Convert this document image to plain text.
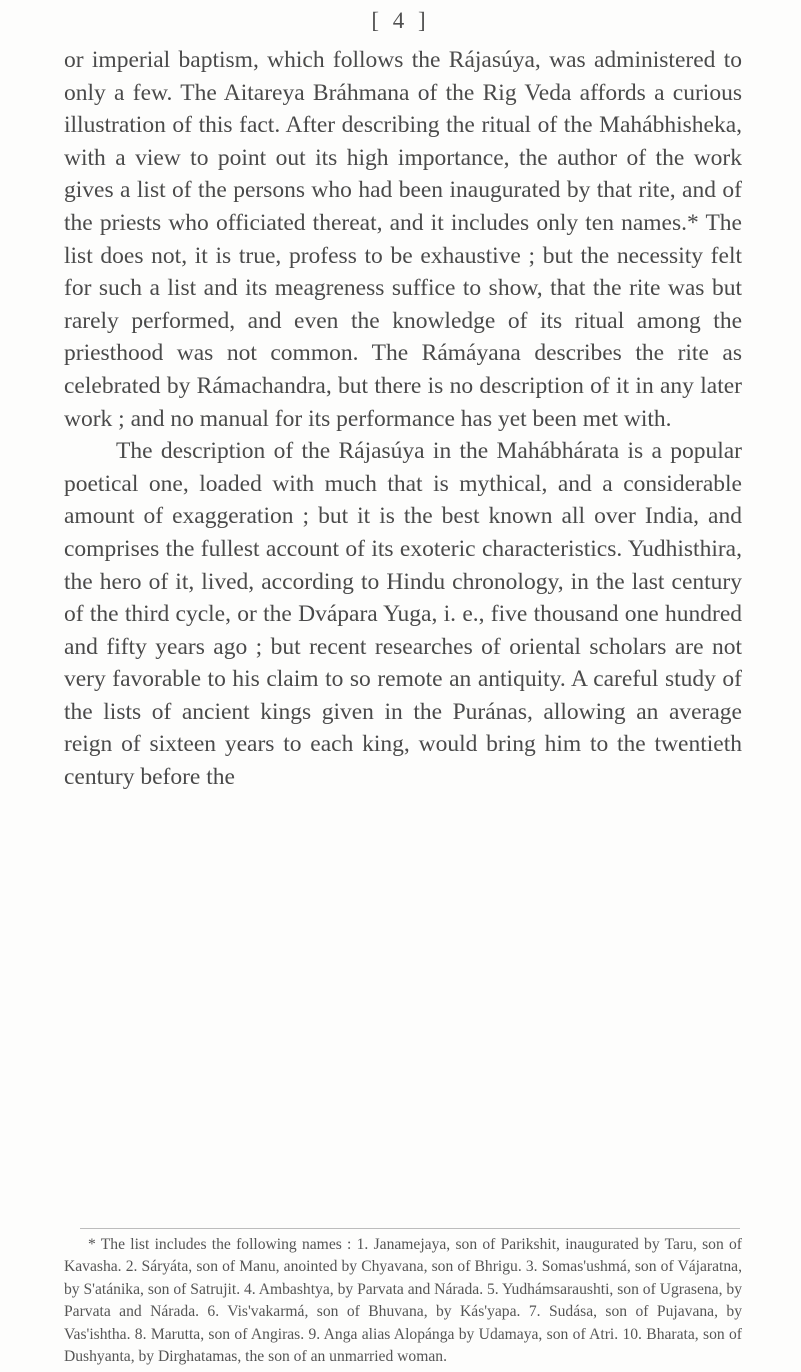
[ 4 ]

or imperial baptism, which follows the Rájasúya, was administered to only a few. The Aitareya Bráhmana of the Rig Veda affords a curious illustration of this fact. After describing the ritual of the Mahábhisheka, with a view to point out its high importance, the author of the work gives a list of the persons who had been inaugurated by that rite, and of the priests who officiated thereat, and it includes only ten names.* The list does not, it is true, profess to be exhaustive ; but the necessity felt for such a list and its meagreness suffice to show, that the rite was but rarely performed, and even the knowledge of its ritual among the priesthood was not common. The Rámáyana describes the rite as celebrated by Rámachandra, but there is no description of it in any later work ; and no manual for its performance has yet been met with.

The description of the Rájasúya in the Mahábhárata is a popular poetical one, loaded with much that is mythical, and a considerable amount of exaggeration ; but it is the best known all over India, and comprises the fullest account of its exoteric characteristics. Yudhisthira, the hero of it, lived, according to Hindu chronology, in the last century of the third cycle, or the Dvápara Yuga, i. e., five thousand one hundred and fifty years ago ; but recent researches of oriental scholars are not very favorable to his claim to so remote an antiquity. A careful study of the lists of ancient kings given in the Puránas, allowing an average reign of sixteen years to each king, would bring him to the twentieth century before the

* The list includes the following names : 1. Janamejaya, son of Parikshit, inaugurated by Taru, son of Kavasha. 2. Sáryáta, son of Manu, anointed by Chyavana, son of Bhrigu. 3. Somas'ushmá, son of Vájaratna, by S'atánika, son of Satrujit. 4. Ambashtya, by Parvata and Nárada. 5. Yudhámsaraushti, son of Ugrasena, by Parvata and Nárada. 6. Vis'vakarmá, son of Bhuvana, by Kás'yapa. 7. Sudása, son of Pujavana, by Vas'ishtha. 8. Marutta, son of Angiras. 9. Anga alias Alopánga by Udamaya, son of Atri. 10. Bharata, son of Dushyanta, by Dirghatamas, the son of an unmarried woman.
